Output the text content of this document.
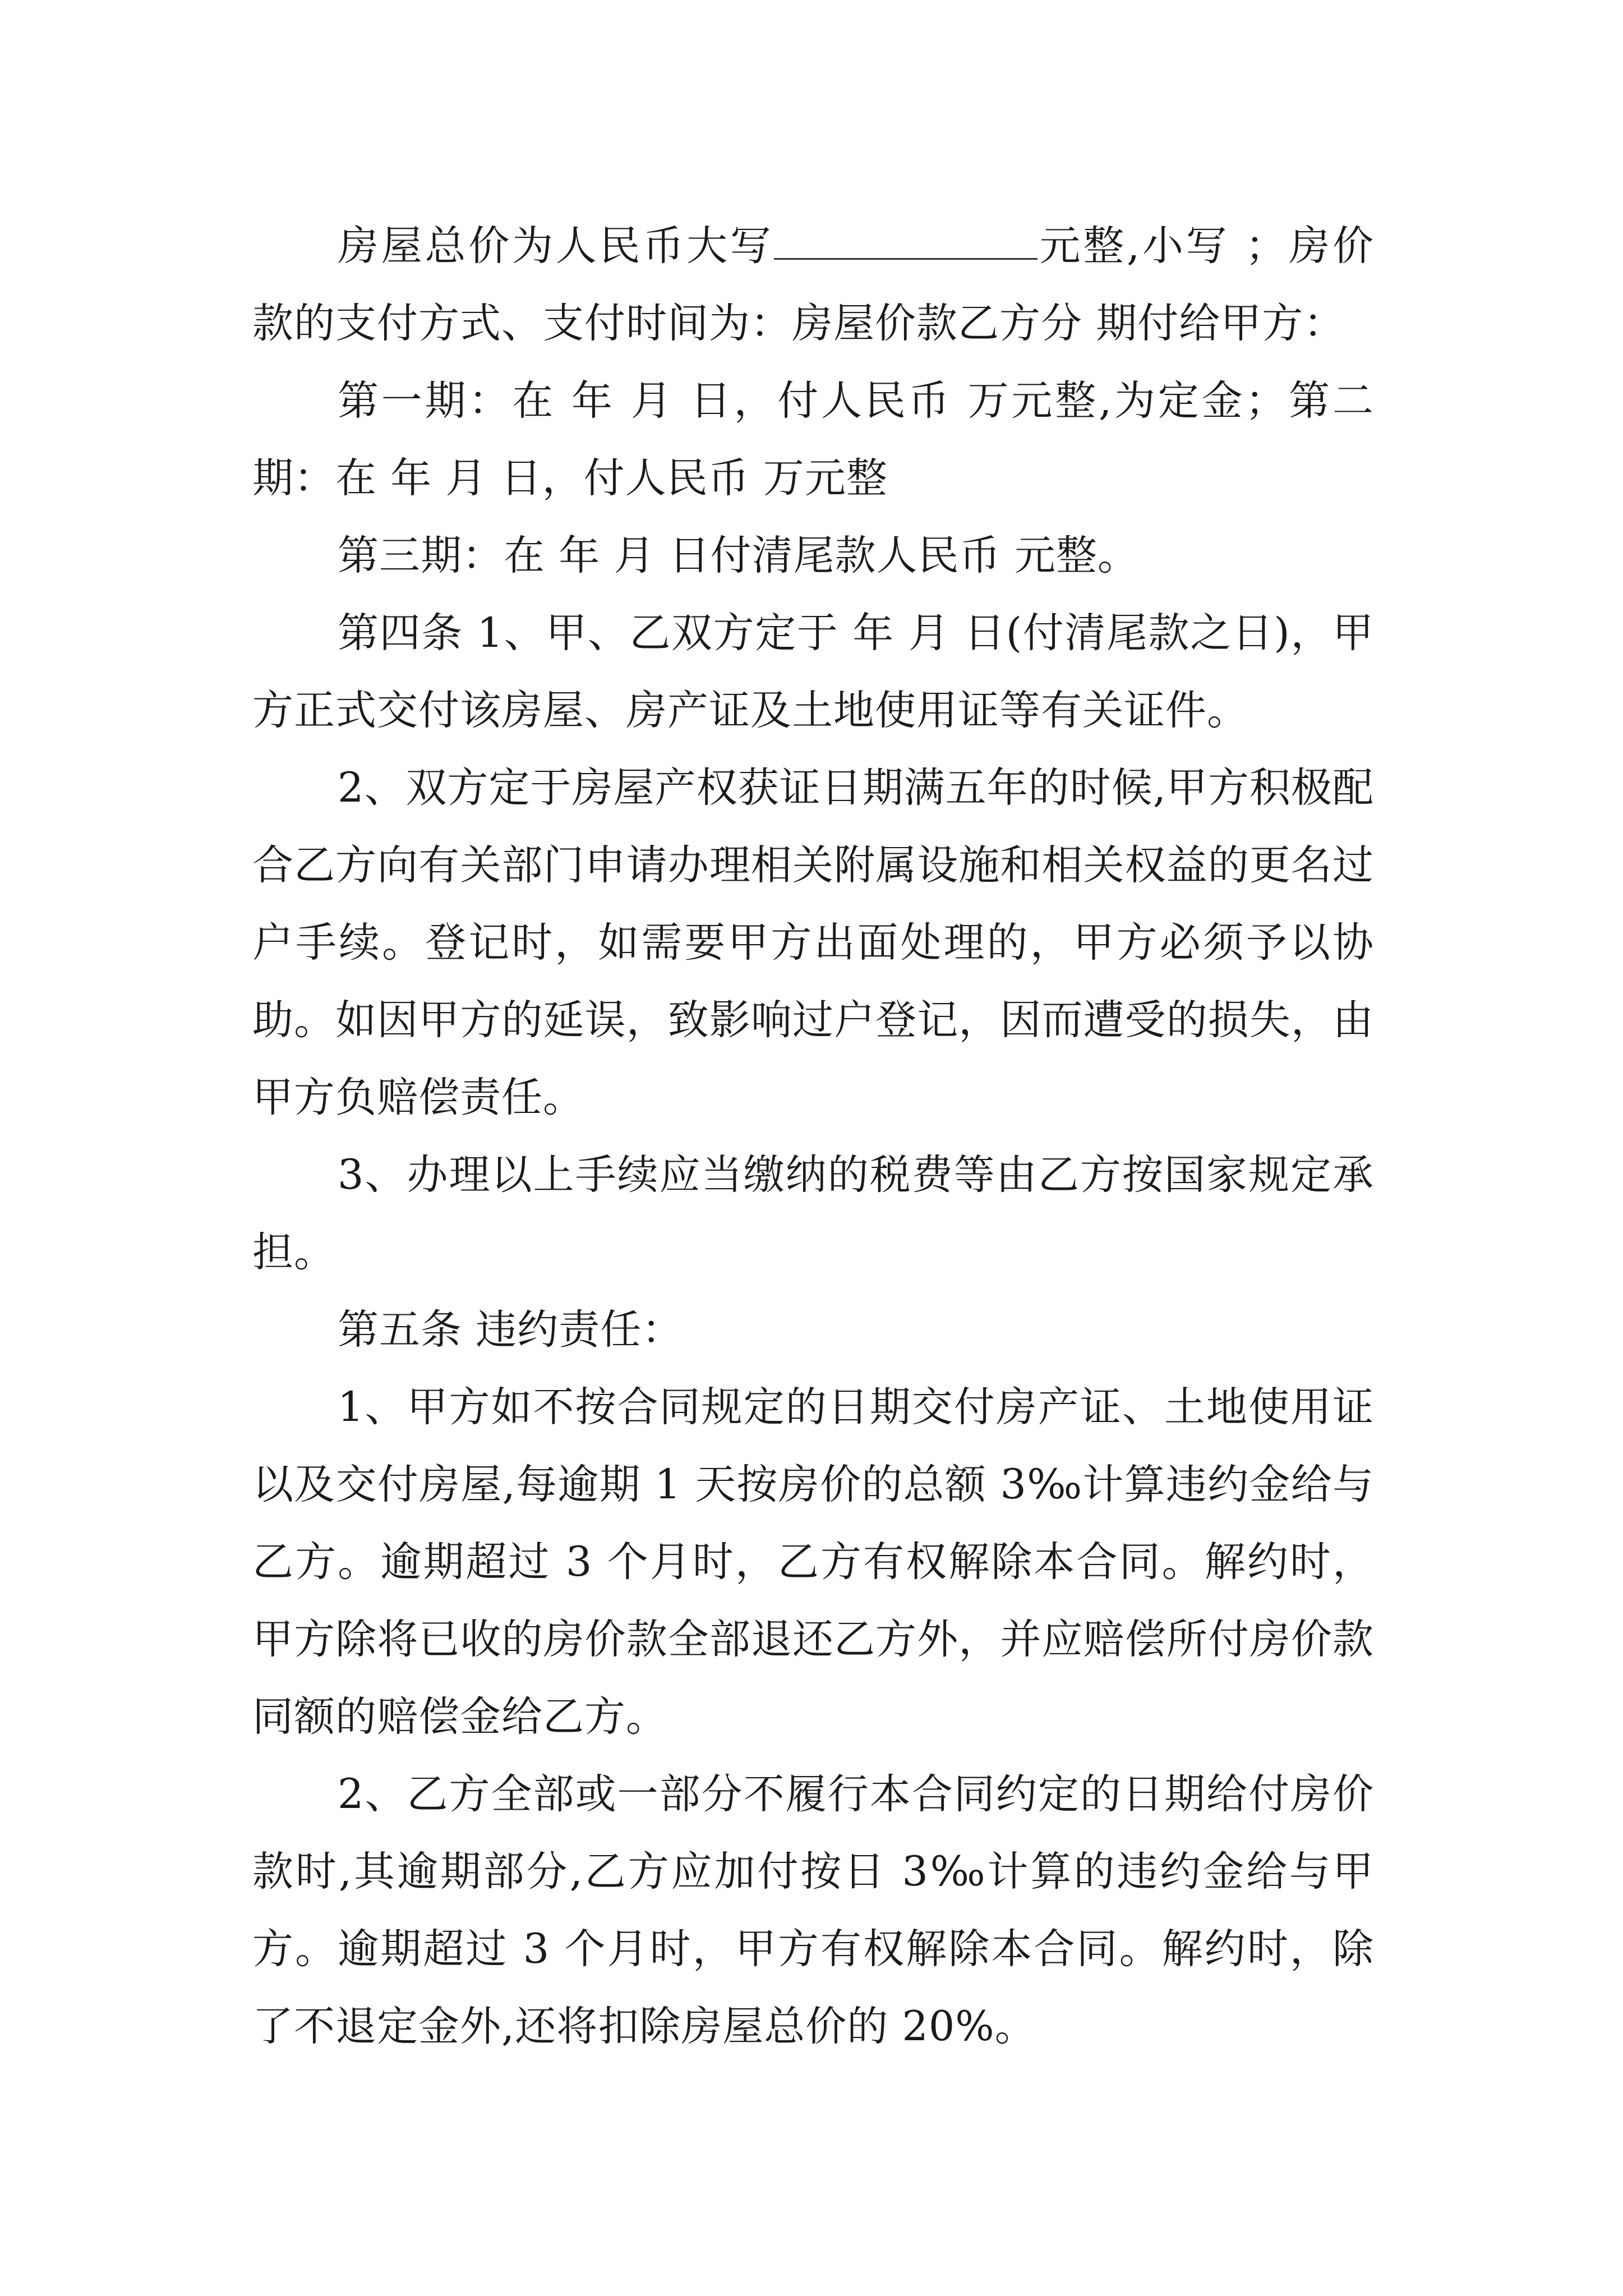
房屋总价为人民币大写	元整,小写 ；房价款的支付方式、支付时间为：房屋价款乙方分 期付给甲方：

第一期：在 年 月 日，付人民币 万元整,为定金；第二期：在 年 月 日，付人民币 万元整

第三期：在 年 月 日付清尾款人民币 元整。

第四条 1、甲、乙双方定于 年 月 日(付清尾款之日)，甲方正式交付该房屋、房产证及土地使用证等有关证件。

2、双方定于房屋产权获证日期满五年的时候,甲方积极配合乙方向有关部门申请办理相关附属设施和相关权益的更名过户手续。登记时，如需要甲方出面处理的，甲方必须予以协助。如因甲方的延误，致影响过户登记，因而遭受的损失，由甲方负赔偿责任。

3、办理以上手续应当缴纳的税费等由乙方按国家规定承担。

第五条 违约责任：

1、甲方如不按合同规定的日期交付房产证、土地使用证以及交付房屋,每逾期 1 天按房价的总额 3‰计算违约金给与乙方。逾期超过 3 个月时，乙方有权解除本合同。解约时，甲方除将已收的房价款全部退还乙方外，并应赔偿所付房价款同额的赔偿金给乙方。

2、乙方全部或一部分不履行本合同约定的日期给付房价款时,其逾期部分,乙方应加付按日 3‰计算的违约金给与甲方。逾期超过 3 个月时，甲方有权解除本合同。解约时，除了不退定金外,还将扣除房屋总价的 20%。
